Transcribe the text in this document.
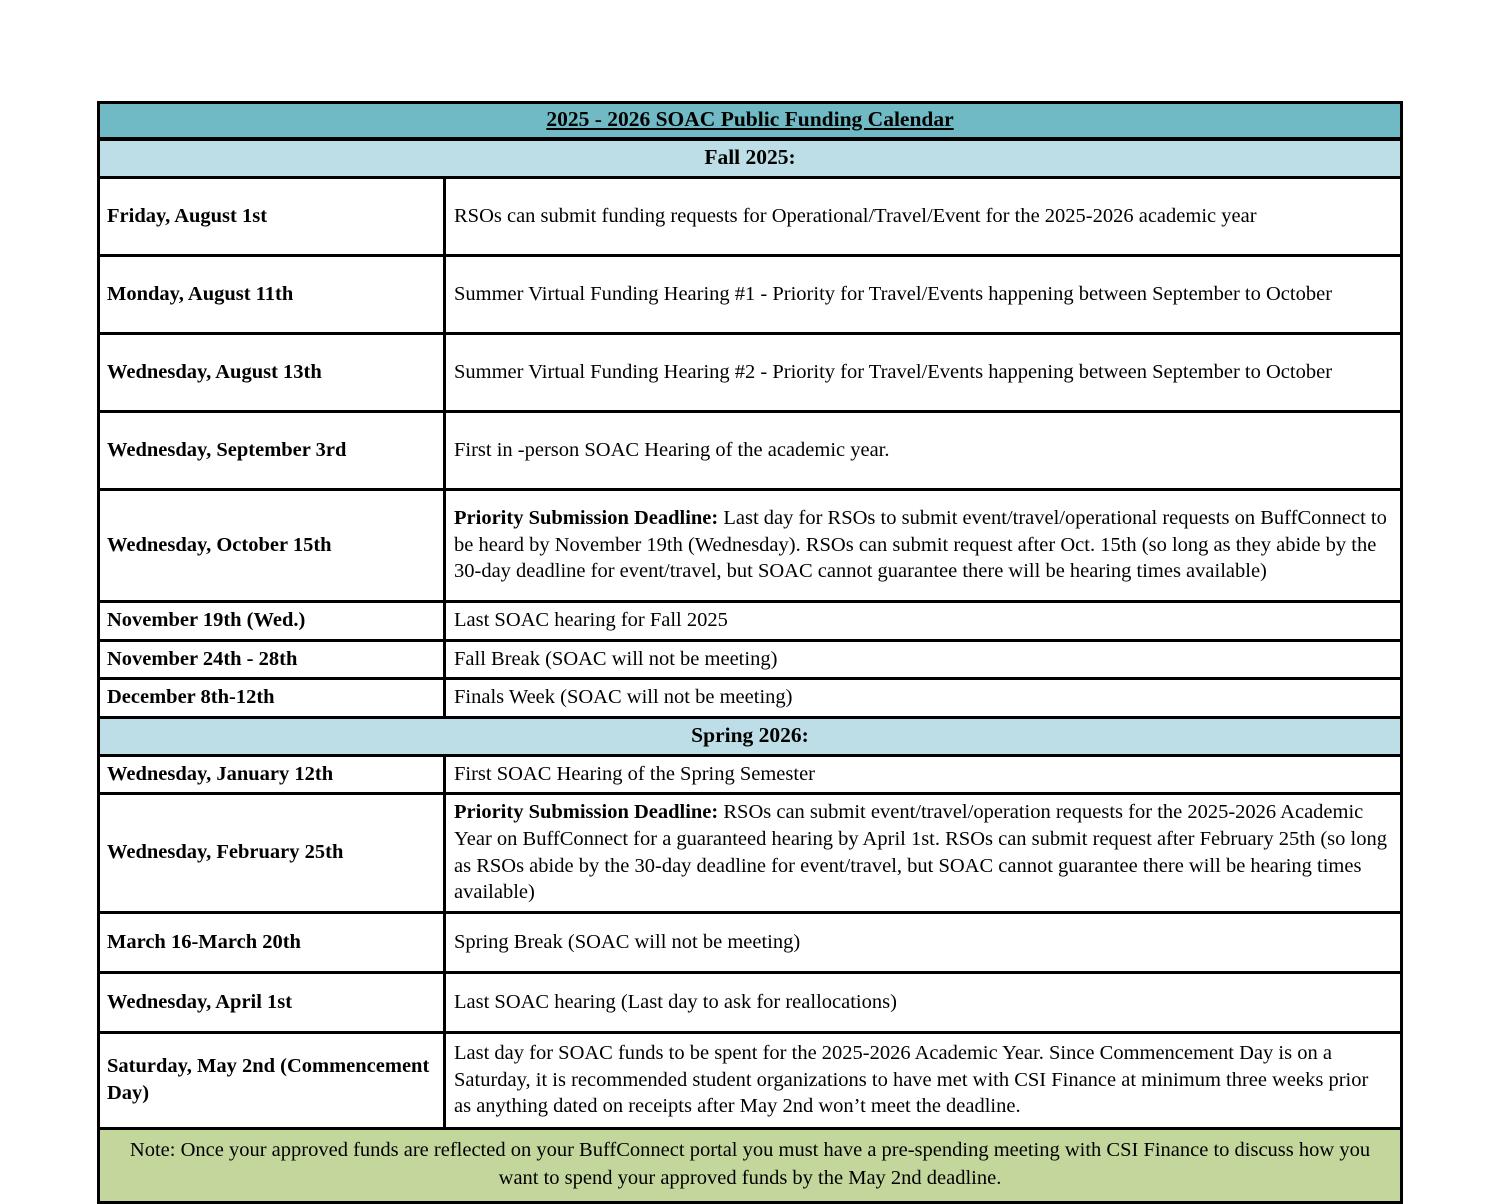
2025 - 2026 SOAC Public Funding Calendar	
Fall 2025:	
Friday, August 1st	RSOs can submit funding requests for Operational/Travel/Event for the 2025-2026 academic year
Monday, August 11th	Summer Virtual Funding Hearing #1 - Priority for Travel/Events happening between September to October
Wednesday, August 13th	Summer Virtual Funding Hearing #2 - Priority for Travel/Events happening between September to October
Wednesday, September 3rd	First in -person SOAC Hearing of the academic year.
Wednesday, October 15th	Priority Submission Deadline: Last day for RSOs to submit event/travel/operational requests on BuffConnect to be heard by November 19th (Wednesday). RSOs can submit request after Oct. 15th (so long as they abide by the 30-day deadline for event/travel, but SOAC cannot guarantee there will be hearing times available)
November 19th (Wed.)	Last SOAC hearing for Fall 2025
November 24th - 28th	Fall Break (SOAC will not be meeting)
December 8th-12th	Finals Week (SOAC will not be meeting)
Spring 2026:	
Wednesday, January 12th	First SOAC Hearing of the Spring Semester
Wednesday, February 25th	Priority Submission Deadline: RSOs can submit event/travel/operation requests for the 2025-2026 Academic Year on BuffConnect for a guaranteed hearing by April 1st. RSOs can submit request after February 25th (so long as RSOs abide by the 30-day deadline for event/travel, but SOAC cannot guarantee there will be hearing times available)
March 16-March 20th	Spring Break (SOAC will not be meeting)
Wednesday, April 1st	Last SOAC hearing (Last day to ask for reallocations)
Saturday, May 2nd (Commencement Day)	Last day for SOAC funds to be spent for the 2025-2026 Academic Year. Since Commencement Day is on a Saturday, it is recommended student organizations to have met with CSI Finance at minimum three weeks prior as anything dated on receipts after May 2nd won’t meet the deadline.
Note: Once your approved funds are reflected on your BuffConnect portal you must have a pre-spending meeting with CSI Finance to discuss how you want to spend your approved funds by the May 2nd deadline.	
